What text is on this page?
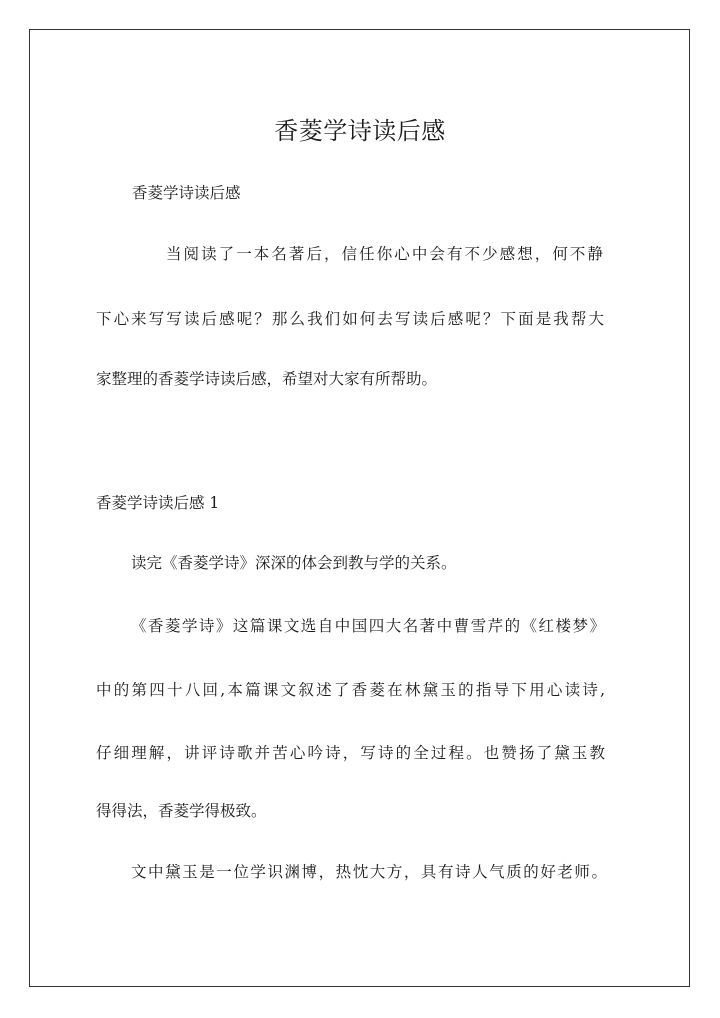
香菱学诗读后感
香菱学诗读后感
当阅读了一本名著后，信任你心中会有不少感想，何不静
下心来写写读后感呢？那么我们如何去写读后感呢？下面是我帮大
家整理的香菱学诗读后感，希望对大家有所帮助。
香菱学诗读后感 1
读完《香菱学诗》深深的体会到教与学的关系。
《香菱学诗》这篇课文选自中国四大名著中曹雪芹的《红楼梦》
中的第四十八回,本篇课文叙述了香菱在林黛玉的指导下用心读诗,
仔细理解，讲评诗歌并苦心吟诗，写诗的全过程。也赞扬了黛玉教
得得法，香菱学得极致。
文中黛玉是一位学识渊博，热忱大方，具有诗人气质的好老师。
